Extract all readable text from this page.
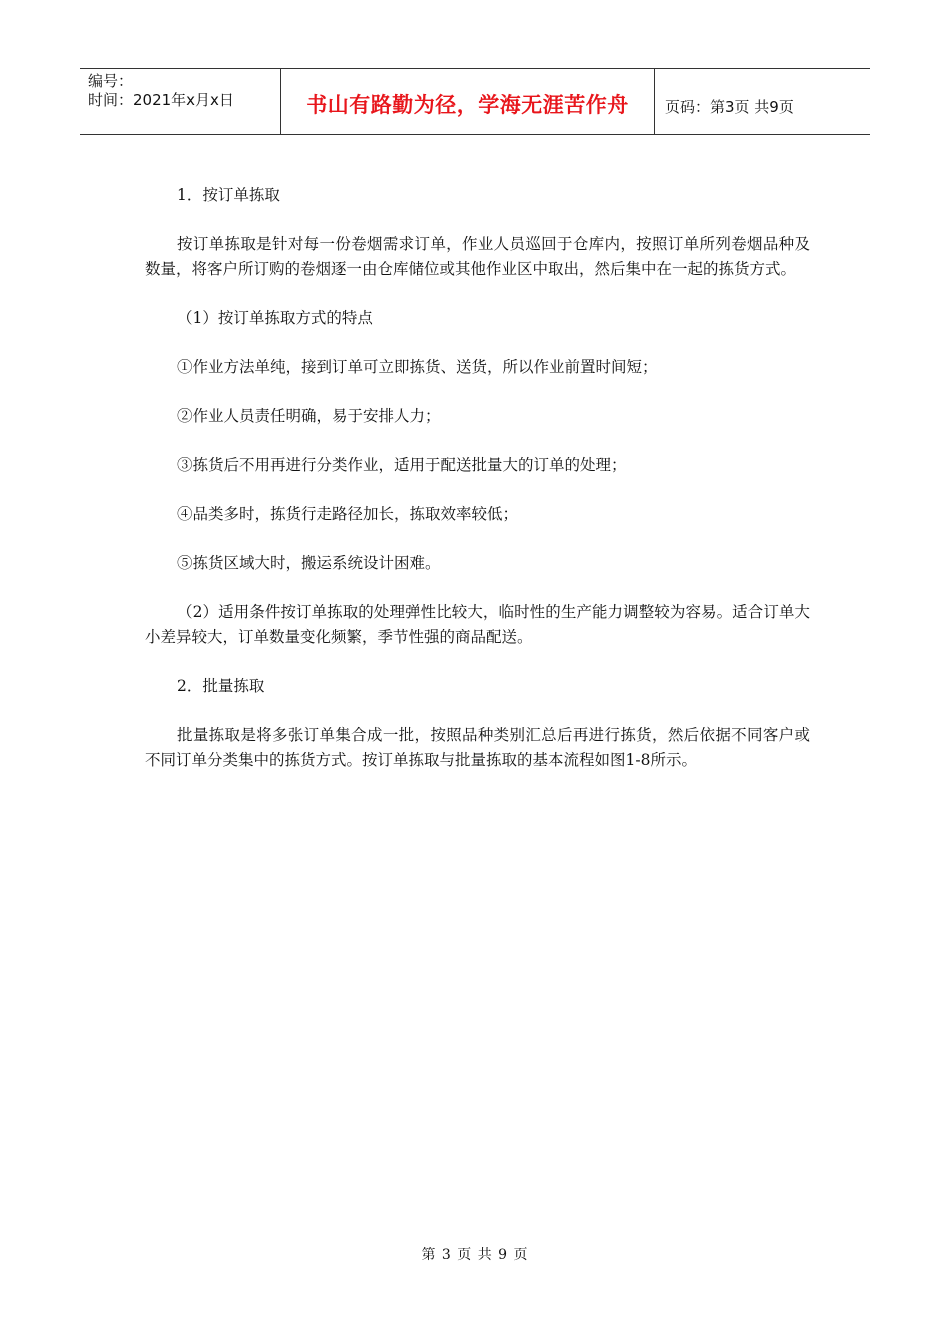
编号：
时间：2021年x月x日	书山有路勤为径，学海无涯苦作舟	页码：第3页 共9页

1．按订单拣取

按订单拣取是针对每一份卷烟需求订单，作业人员巡回于仓库内，按照订单所列卷烟品种及数量，将客户所订购的卷烟逐一由仓库储位或其他作业区中取出，然后集中在一起的拣货方式。

（1）按订单拣取方式的特点

①作业方法单纯，接到订单可立即拣货、送货，所以作业前置时间短；

②作业人员责任明确，易于安排人力；

③拣货后不用再进行分类作业，适用于配送批量大的订单的处理；

④品类多时，拣货行走路径加长，拣取效率较低；

⑤拣货区域大时，搬运系统设计困难。

（2）适用条件按订单拣取的处理弹性比较大，临时性的生产能力调整较为容易。适合订单大小差异较大，订单数量变化频繁，季节性强的商品配送。

2．批量拣取

批量拣取是将多张订单集合成一批，按照品种类别汇总后再进行拣货，然后依据不同客户或不同订单分类集中的拣货方式。按订单拣取与批量拣取的基本流程如图1-8所示。

第 3 页 共 9 页
